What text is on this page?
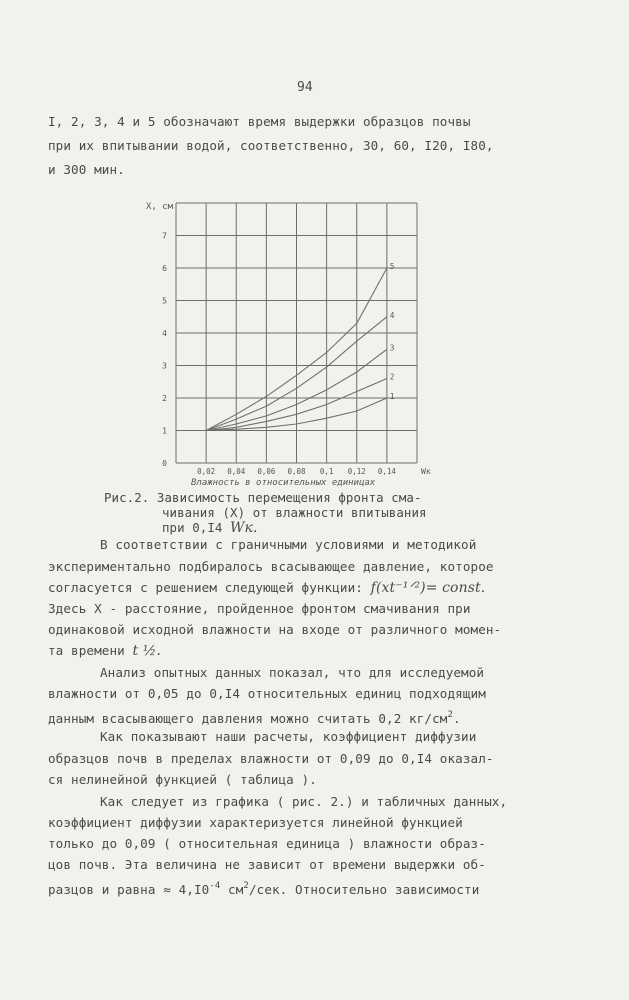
94
I, 2, 3, 4 и 5 обозначают время выдержки образцов почвы
при их впитывании водой, соответственно, 30, 60, I20, I80,
и 300 мин.
1
2
3
4
5
0
1
2
3
4
5
6
7
0,02 0,04 0,06 0,08 0,1 0,12 0,14
X, см
Wк
Влажность в относительных единицах
Рис.2. Зависимость перемещения фронта сма-
чивания (X) от влажности впитывания
при 0,I4 Wк.
В соответствии с граничными условиями и методикой
экспериментально подбиралось всасывающее давление, которое
согласуется с решением следующей функции: f(xt⁻¹ᐟ²)= const.
Здесь X - расстояние, пройденное фронтом смачивания при
одинаковой исходной влажности на входе от различного момен-
та времени t ½.
Анализ опытных данных показал, что для исследуемой
влажности от 0,05 до 0,I4 относительных единиц подходящим
данным всасывающего давления можно считать 0,2 $кг/см^2$.
Как показывают наши расчеты, коэффициент диффузии
образцов почв в пределах влажности от 0,09 до 0,I4 оказал-
ся нелинейной функцией ( таблица ).
Как следует из графика ( рис. 2.) и табличных данных,
коэффициент диффузии характеризуется линейной функцией
только до 0,09 ( относительная единица ) влажности образ-
цов почв. Эта величина не зависит от времени выдержки об-
разцов и равна ≈ $4,I0^{-4}$ $см^2$/сек. Относительно зависимости
